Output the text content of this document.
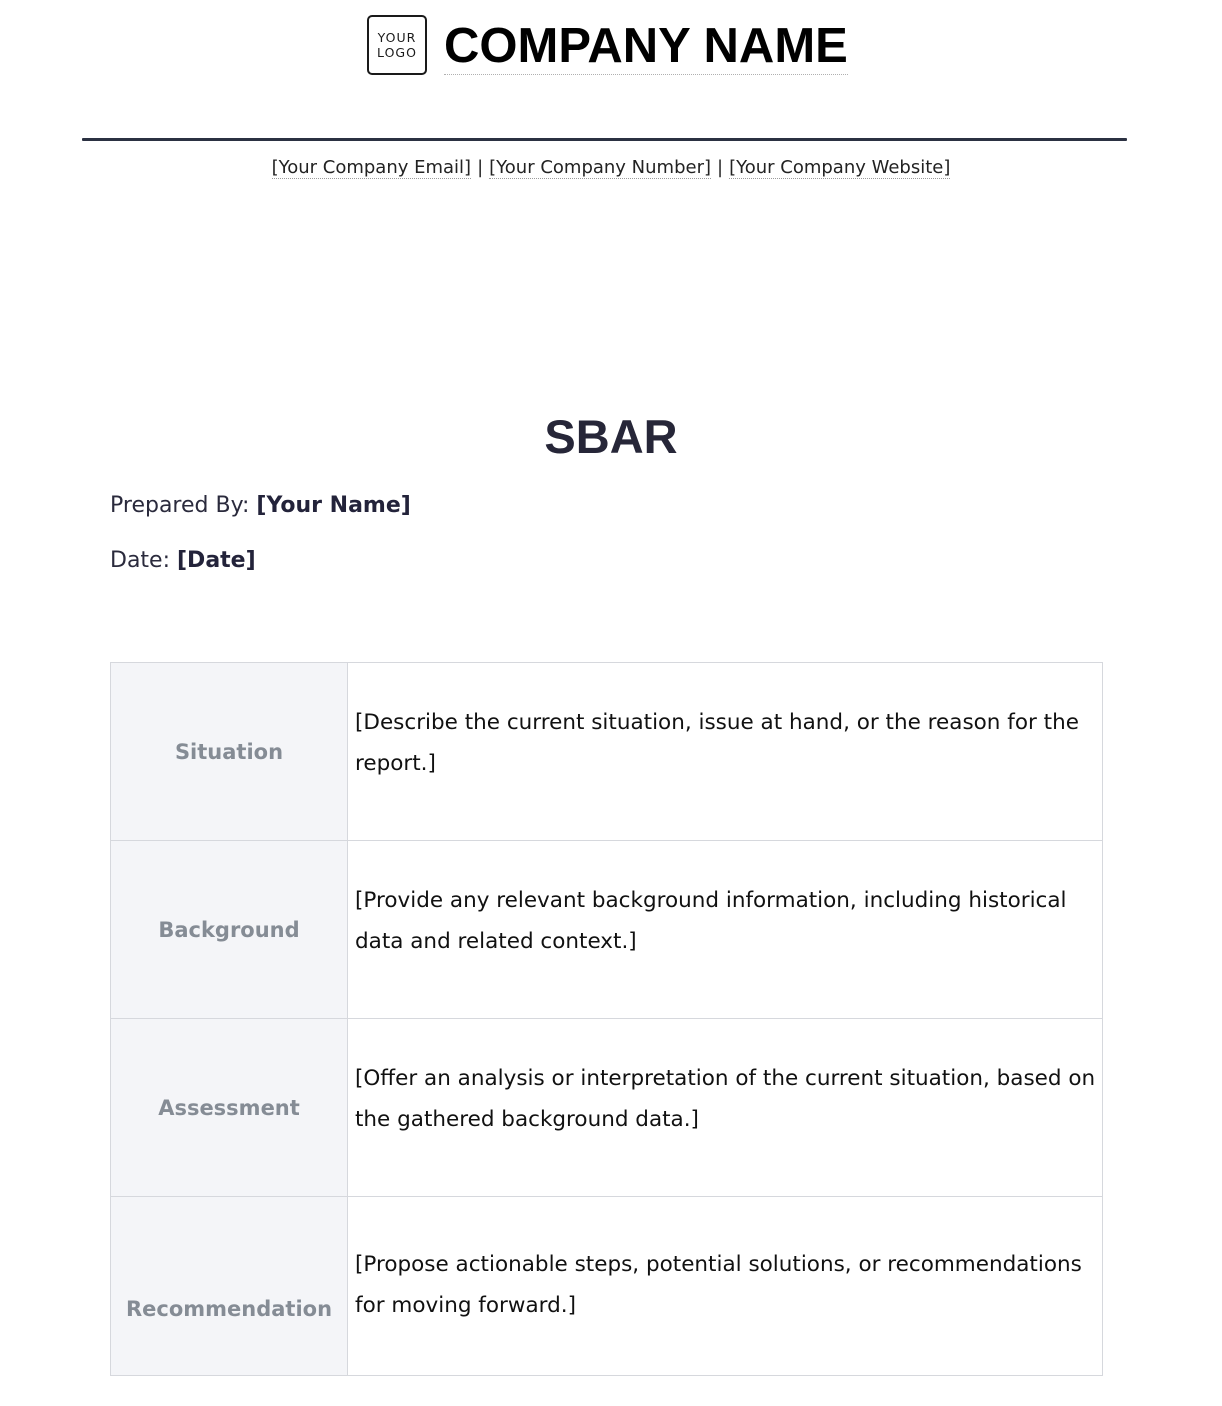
YOUR
LOGO COMPANY NAME
[Your Company Email] | [Your Company Number] | [Your Company Website]
SBAR
Prepared By: [Your Name]
Date: [Date]
Situation	[Describe the current situation, issue at hand, or the reason for the report.]

Background	[Provide any relevant background information, including historical data and related context.]

Assessment	[Offer an analysis or interpretation of the current situation, based on the gathered background data.]

Recommendation	[Propose actionable steps, potential solutions, or recommendations for moving forward.]
